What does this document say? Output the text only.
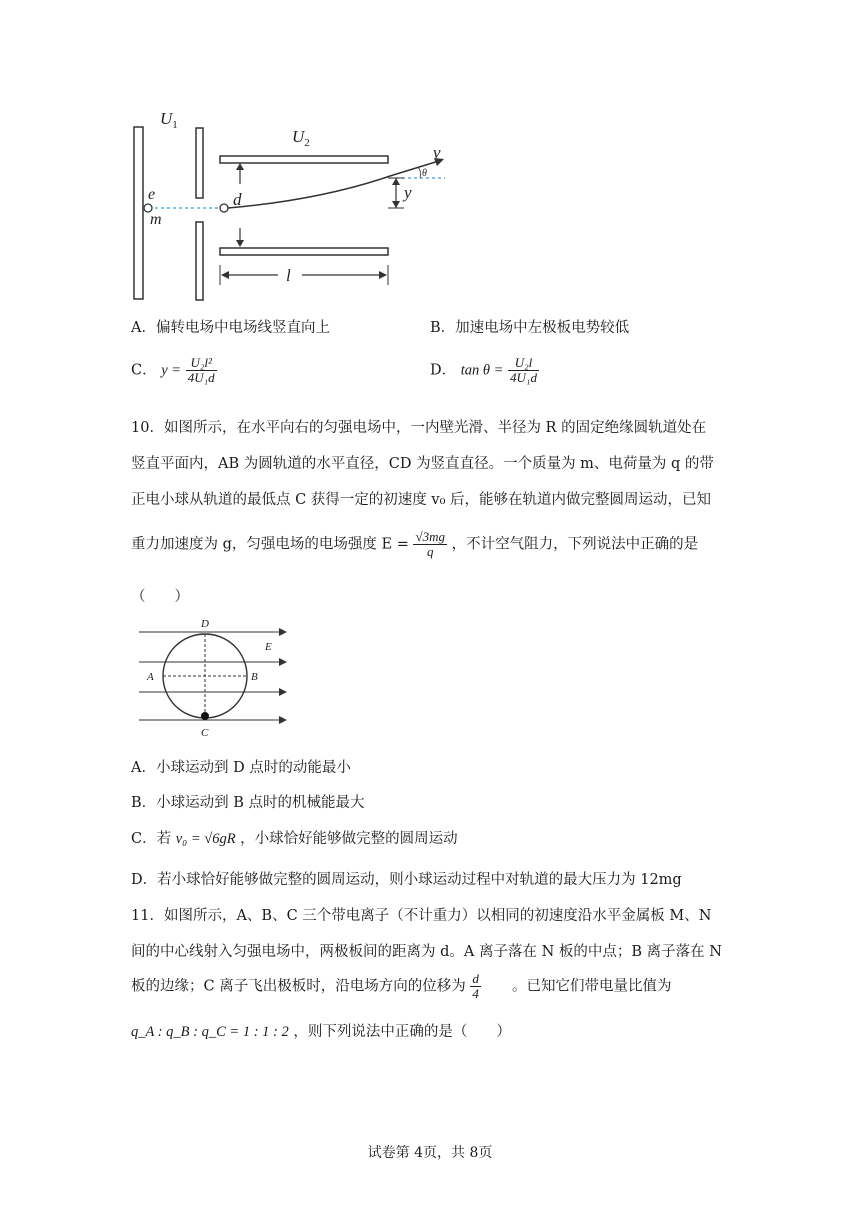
$U_1$
$U_2$
e
m
d
v
θ
y
l
A．偏转电场中电场线竖直向上	B．加速电场中左极板电势较低
C． $y = \frac{\text{U₂l²}}{\text{4U₁d}}$	D． $\tan \theta = \frac{\text{U₂l}}{\text{4U₁d}}$
10．如图所示，在水平向右的匀强电场中，一内壁光滑、半径为 R 的固定绝缘圆轨道处在
竖直平面内，AB 为圆轨道的水平直径，CD 为竖直直径。一个质量为 m、电荷量为 q 的带
正电小球从轨道的最低点 C 获得一定的初速度 v₀ 后，能够在轨道内做完整圆周运动，已知
重力加速度为 g，匀强电场的电场强度 $E = \frac{√3mg}{q}$ ，不计空气阻力，下列说法中正确的是
（　　）
D
E
A	B
C
A．小球运动到 D 点时的动能最小
B．小球运动到 B 点时的机械能最大
C．若 v₀ = √6gR ，小球恰好能够做完整的圆周运动
D．若小球恰好能够做完整的圆周运动，则小球运动过程中对轨道的最大压力为 12mg
11．如图所示，A、B、C 三个带电离子（不计重力）以相同的初速度沿水平金属板 M、N
间的中心线射入匀强电场中，两极板间的距离为 d。A 离子落在 N 板的中点；B 离子落在 N
板的边缘；C 离子飞出极板时，沿电场方向的位移为 $\frac{d}{4}$ 。已知它们带电量比值为
q_A : q_B : q_C = 1 : 1 : 2 ，则下列说法中正确的是（　　）
试卷第 4页，共 8页
